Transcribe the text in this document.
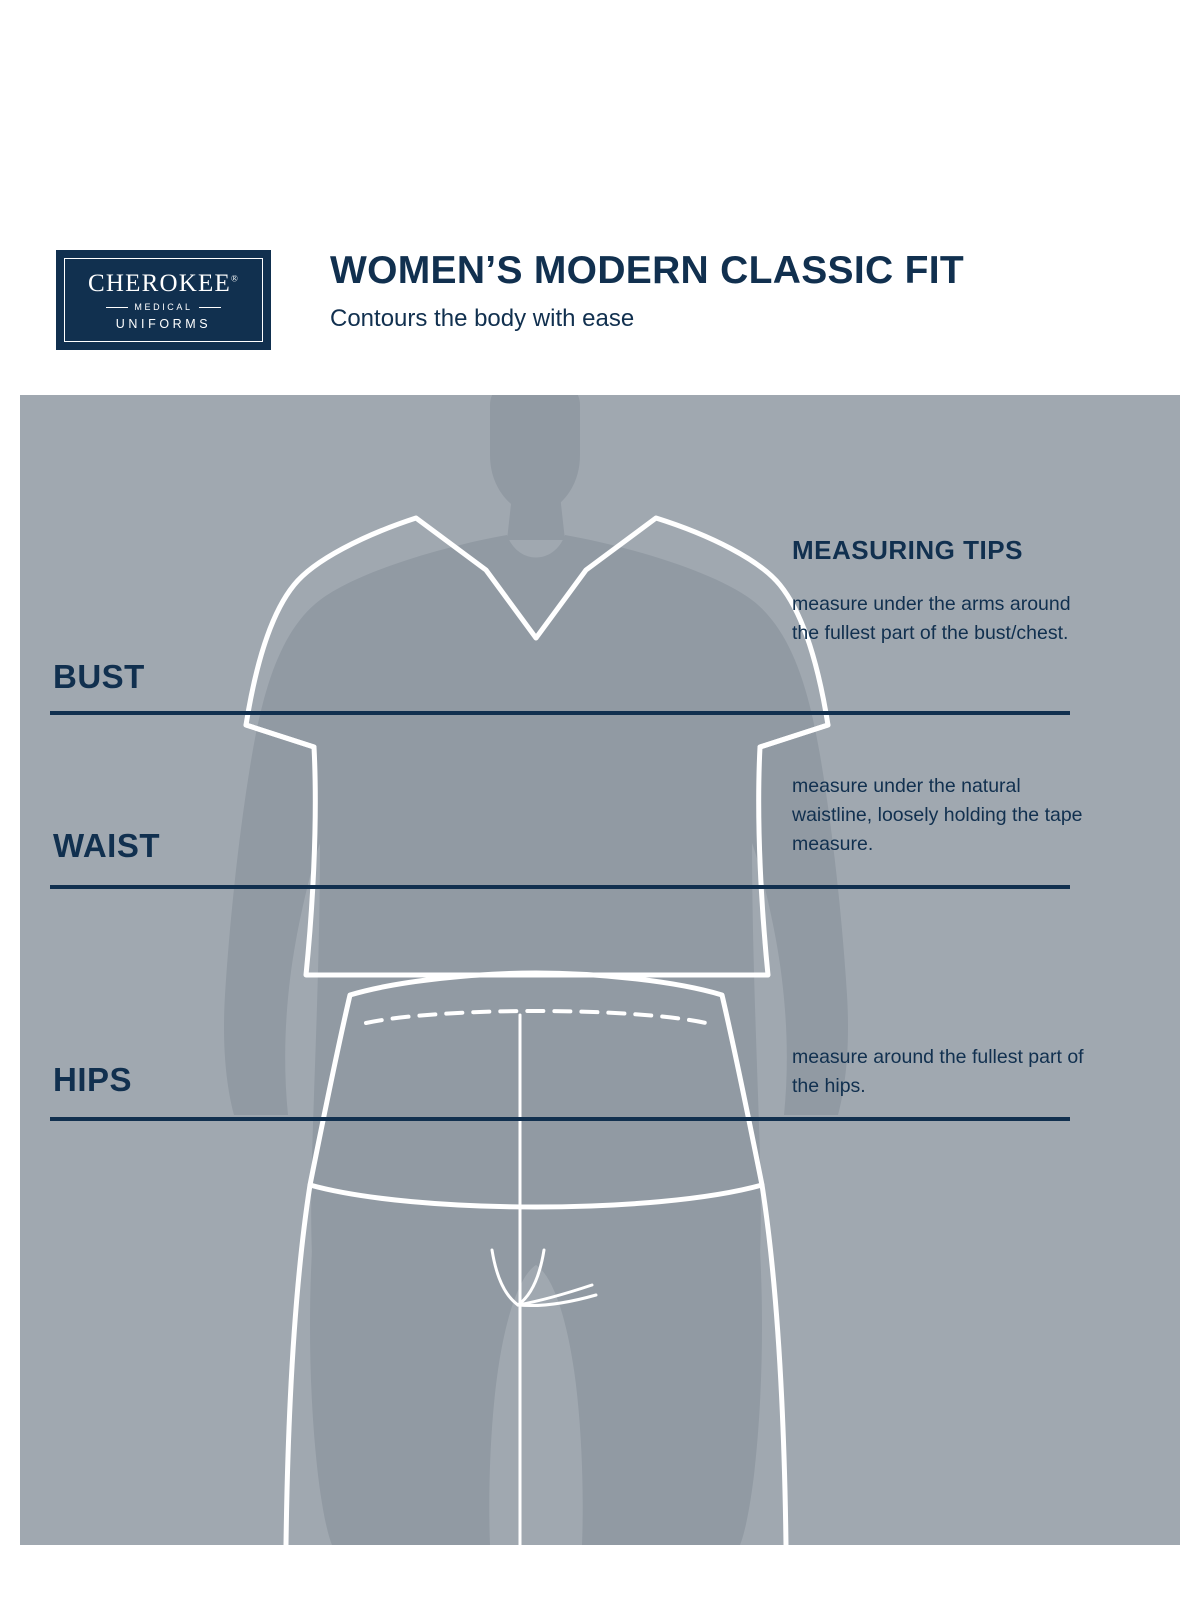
CHEROKEE®
MEDICAL
UNIFORMS
WOMEN’S MODERN CLASSIC FIT
Contours the body with ease
BUST
WAIST
HIPS
MEASURING TIPS
measure under the arms around the fullest part of the bust/chest.
measure under the natural waistline, loosely holding the tape measure.
measure around the fullest part of the hips.
